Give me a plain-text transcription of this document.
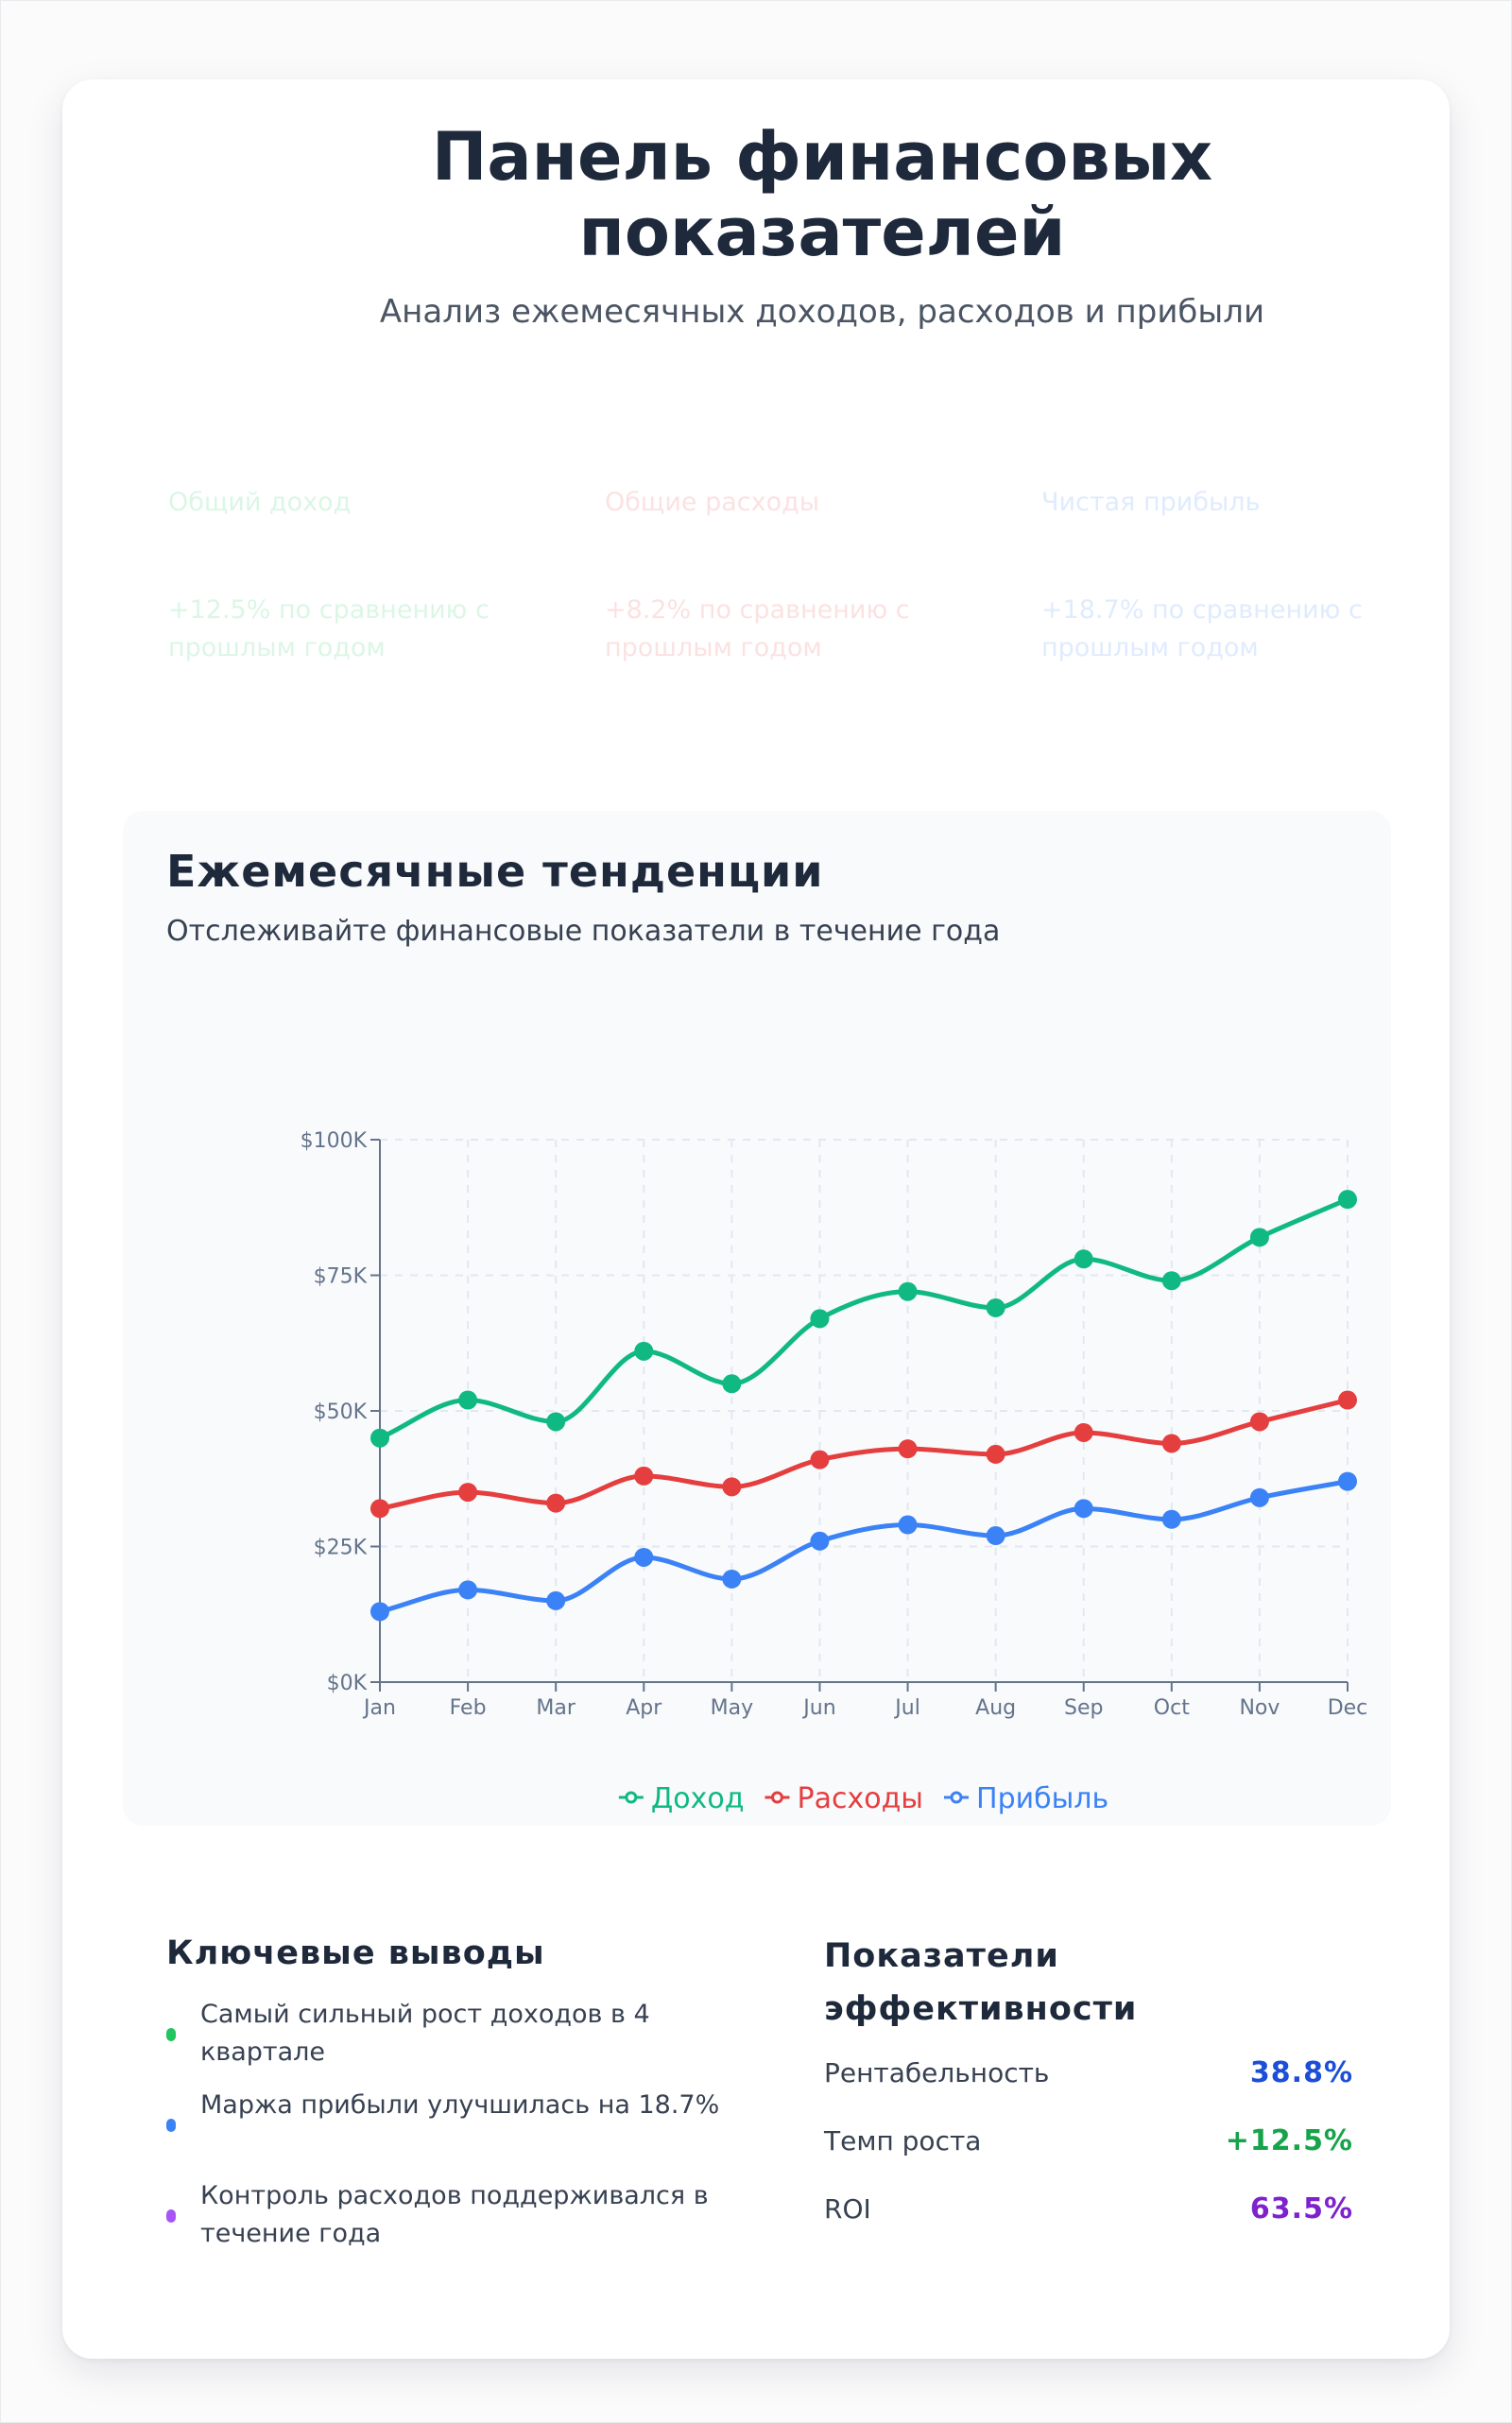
Панель финансовых показателей
Анализ ежемесячных доходов, расходов и прибыли
Общий доход
+12.5% по сравнению с прошлым годом
Общие расходы
+8.2% по сравнению с прошлым годом
Чистая прибыль
+18.7% по сравнению с прошлым годом
Ежемесячные тенденции
Отслеживайте финансовые показатели в течение года
$0K
$25K
$50K
$75K
$100K
Jan	Feb Mar Apr May Jun	Jul	Aug Sep Oct Nov Dec
Доход Расходы Прибыль
Ключевые выводы
Самый сильный рост доходов в 4 квартале
Маржа прибыли улучшилась на 18.7%
Контроль расходов поддерживался в течение года
Показатели эффективности
Рентабельность	38.8%
Темп роста	+12.5%
ROI	63.5%
